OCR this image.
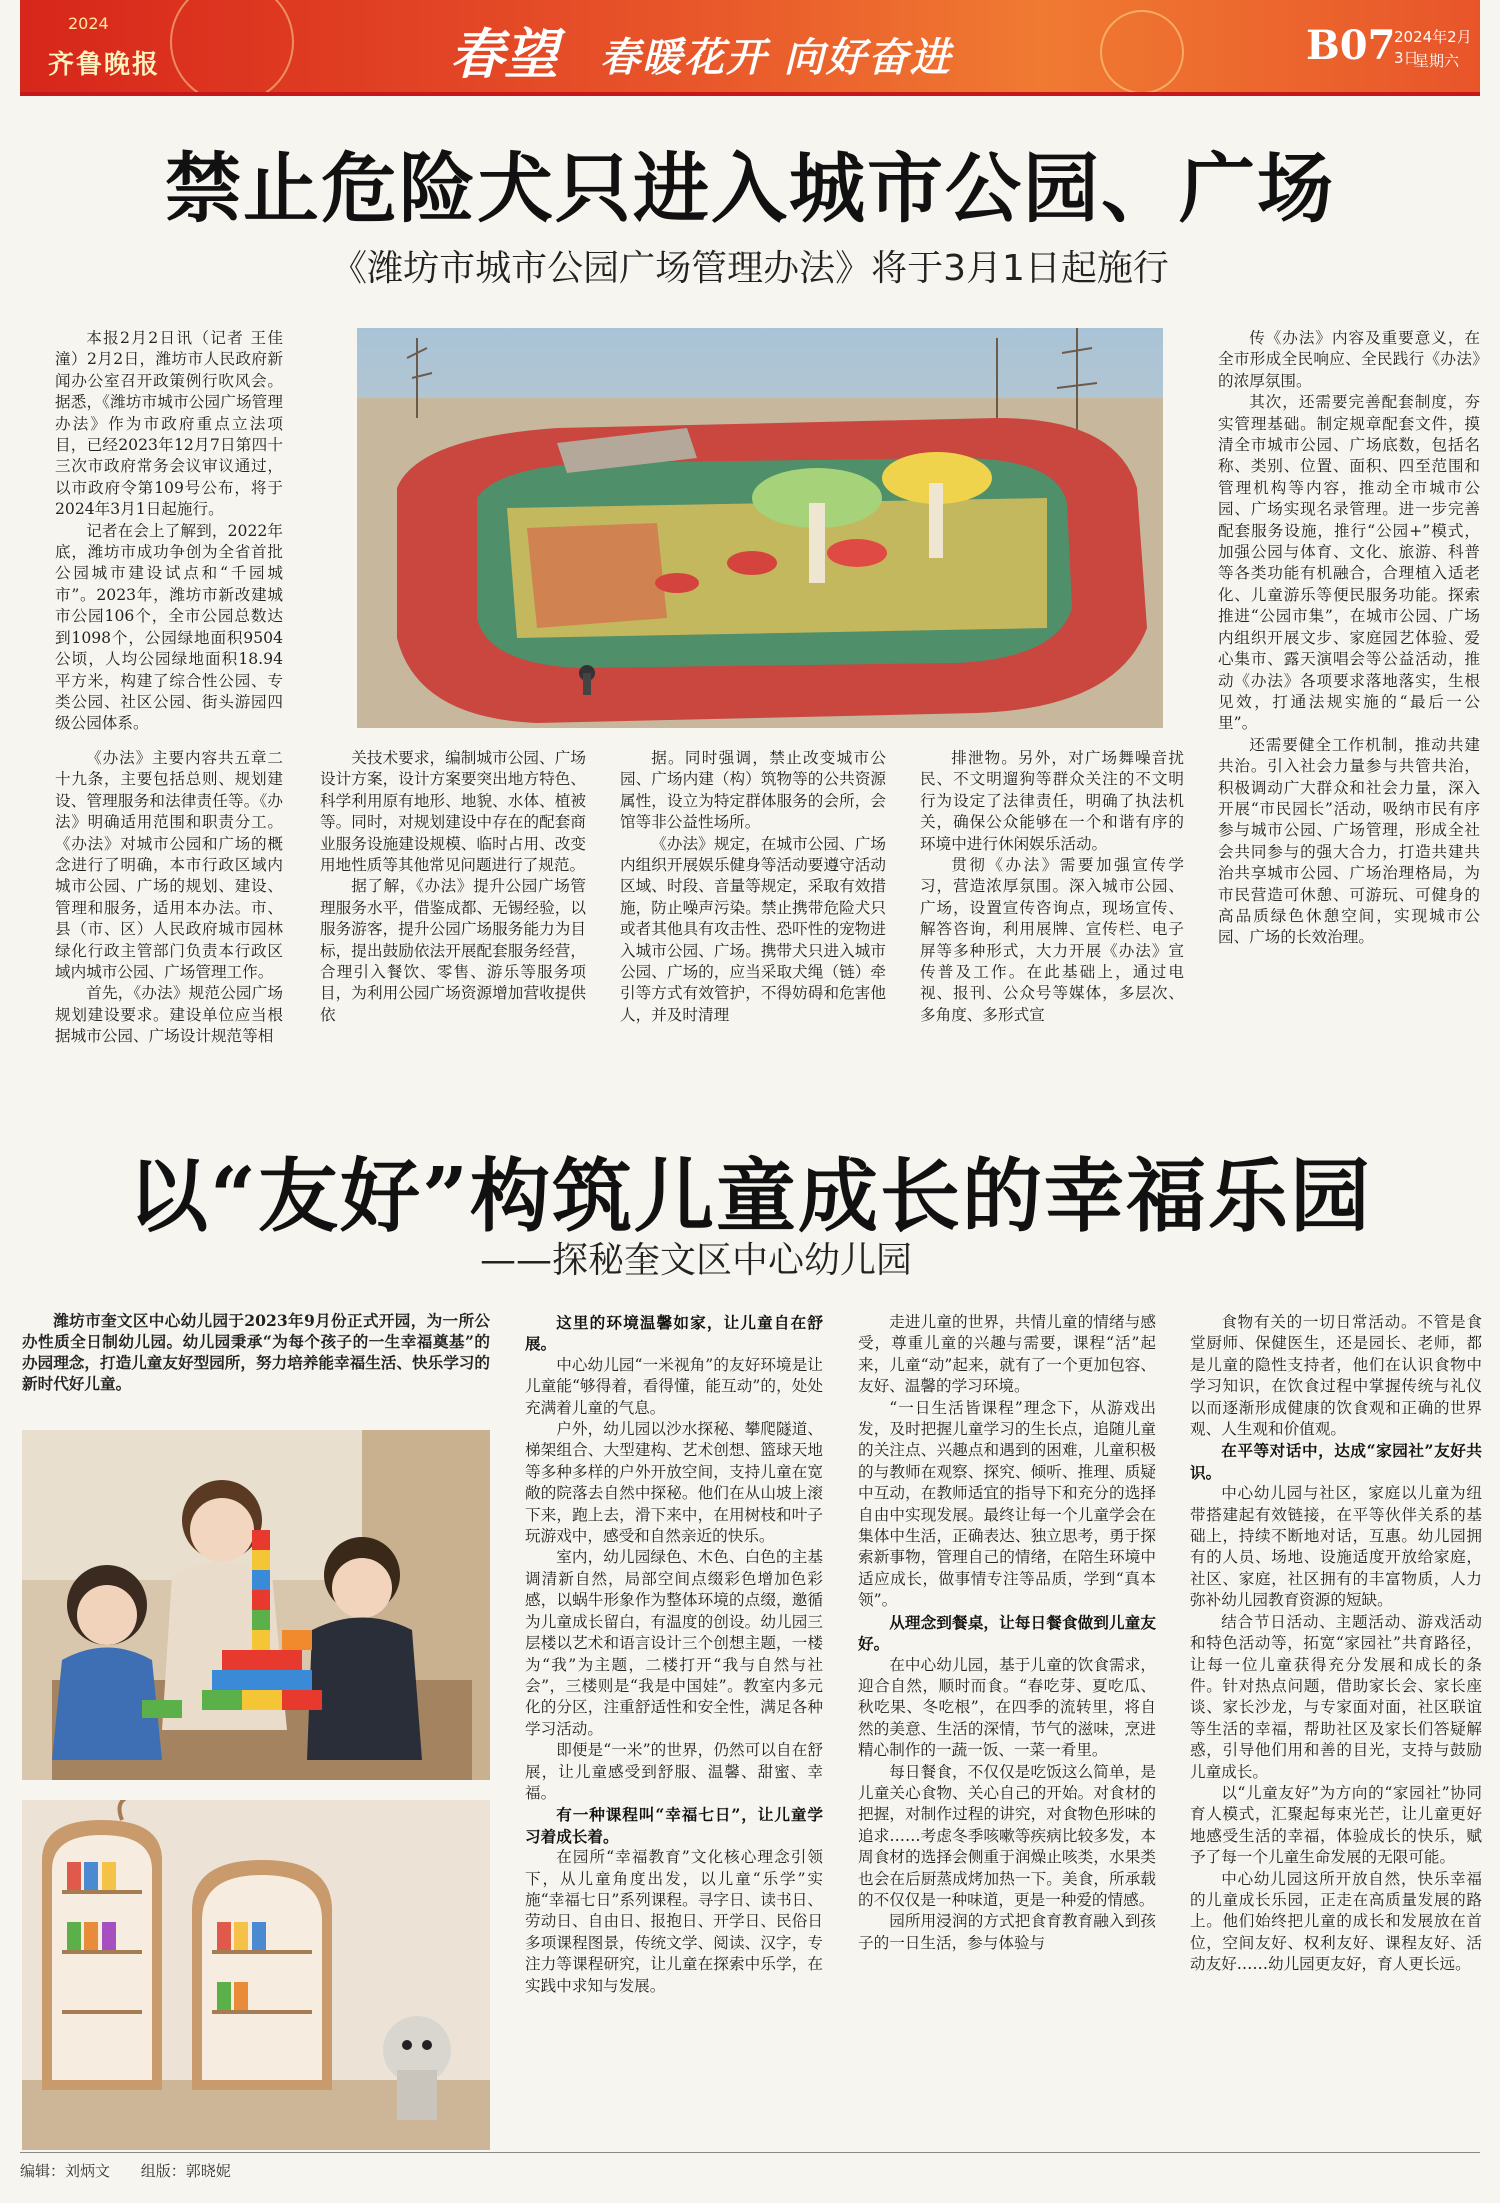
2024
齐鲁晚报	春望 春暖花开 向好奋进	B07
2024年2月3日
星期六
禁止危险犬只进入城市公园、广场
《潍坊市城市公园广场管理办法》将于3月1日起施行

本报2月2日讯（记者 王佳潼）2月2日，潍坊市人民政府新闻办公室召开政策例行吹风会。据悉，《潍坊市城市公园广场管理办法》作为市政府重点立法项目，已经2023年12月7日第四十三次市政府常务会议审议通过，以市政府令第109号公布，将于2024年3月1日起施行。

记者在会上了解到，2022年底，潍坊市成功争创为全省首批公园城市建设试点和“千园城市”。2023年，潍坊市新改建城市公园106个，全市公园总数达到1098个，公园绿地面积9504公顷，人均公园绿地面积18.94平方米，构建了综合性公园、专类公园、社区公园、街头游园四级公园体系。

传《办法》内容及重要意义，在全市形成全民响应、全民践行《办法》的浓厚氛围。

其次，还需要完善配套制度，夯实管理基础。制定规章配套文件，摸清全市城市公园、广场底数，包括名称、类别、位置、面积、四至范围和管理机构等内容，推动全市城市公园、广场实现名录管理。进一步完善配套服务设施，推行“公园+”模式，加强公园与体育、文化、旅游、科普等各类功能有机融合，合理植入适老化、儿童游乐等便民服务功能。探索推进“公园市集”，在城市公园、广场内组织开展文步、家庭园艺体验、爱心集市、露天演唱会等公益活动，推动《办法》各项要求落地落实，生根见效，打通法规实施的“最后一公里”。

还需要健全工作机制，推动共建共治。引入社会力量参与共管共治，积极调动广大群众和社会力量，深入开展“市民园长”活动，吸纳市民有序参与城市公园、广场管理，形成全社会共同参与的强大合力，打造共建共治共享城市公园、广场治理格局，为市民营造可休憩、可游玩、可健身的高品质绿色休憩空间，实现城市公园、广场的长效治理。

《办法》主要内容共五章二十九条，主要包括总则、规划建设、管理服务和法律责任等。《办法》明确适用范围和职责分工。《办法》对城市公园和广场的概念进行了明确，本市行政区域内城市公园、广场的规划、建设、管理和服务，适用本办法。市、县（市、区）人民政府城市园林绿化行政主管部门负责本行政区域内城市公园、广场管理工作。

首先，《办法》规范公园广场规划建设要求。建设单位应当根据城市公园、广场设计规范等相

关技术要求，编制城市公园、广场设计方案，设计方案要突出地方特色、科学利用原有地形、地貌、水体、植被等。同时，对规划建设中存在的配套商业服务设施建设规模、临时占用、改变用地性质等其他常见问题进行了规范。

据了解，《办法》提升公园广场管理服务水平，借鉴成都、无锡经验，以服务游客，提升公园广场服务能力为目标，提出鼓励依法开展配套服务经营，合理引入餐饮、零售、游乐等服务项目，为利用公园广场资源增加营收提供依

据。同时强调，禁止改变城市公园、广场内建（构）筑物等的公共资源属性，设立为特定群体服务的会所，会馆等非公益性场所。

《办法》规定，在城市公园、广场内组织开展娱乐健身等活动要遵守活动区域、时段、音量等规定，采取有效措施，防止噪声污染。禁止携带危险犬只或者其他具有攻击性、恐吓性的宠物进入城市公园、广场。携带犬只进入城市公园、广场的，应当采取犬绳（链）牵引等方式有效管护，不得妨碍和危害他人，并及时清理

排泄物。另外，对广场舞噪音扰民、不文明遛狗等群众关注的不文明行为设定了法律责任，明确了执法机关，确保公众能够在一个和谐有序的环境中进行休闲娱乐活动。

贯彻《办法》需要加强宣传学习，营造浓厚氛围。深入城市公园、广场，设置宣传咨询点，现场宣传、解答咨询，利用展牌、宣传栏、电子屏等多种形式，大力开展《办法》宣传普及工作。在此基础上，通过电视、报刊、公众号等媒体，多层次、多角度、多形式宣

以“友好”构筑儿童成长的幸福乐园
——探秘奎文区中心幼儿园
潍坊市奎文区中心幼儿园于2023年9月份正式开园，为一所公办性质全日制幼儿园。幼儿园秉承“为每个孩子的一生幸福奠基”的办园理念，打造儿童友好型园所，努力培养能幸福生活、快乐学习的新时代好儿童。

这里的环境温馨如家，让儿童自在舒展。

中心幼儿园“一米视角”的友好环境是让儿童能“够得着，看得懂，能互动”的，处处充满着儿童的气息。

户外，幼儿园以沙水探秘、攀爬隧道、梯架组合、大型建构、艺术创想、篮球天地等多种多样的户外开放空间，支持儿童在宽敞的院落去自然中探秘。他们在从山坡上滚下来，跑上去，滑下来中，在用树枝和叶子玩游戏中，感受和自然亲近的快乐。

室内，幼儿园绿色、木色、白色的主基调清新自然，局部空间点缀彩色增加色彩感，以蜗牛形象作为整体环境的点缀，邀循为儿童成长留白，有温度的创设。幼儿园三层楼以艺术和语言设计三个创想主题，一楼为“我”为主题，二楼打开“我与自然与社会”，三楼则是“我是中国娃”。教室内多元化的分区，注重舒适性和安全性，满足各种学习活动。

即便是“一米”的世界，仍然可以自在舒展，让儿童感受到舒服、温馨、甜蜜、幸福。

有一种课程叫“幸福七日”，让儿童学习着成长着。

在园所“幸福教育”文化核心理念引领下，从儿童角度出发，以儿童“乐学”实施“幸福七日”系列课程。寻字日、读书日、劳动日、自由日、报抱日、开学日、民俗日多项课程图景，传统文学、阅读、汉字，专注力等课程研究，让儿童在探索中乐学，在实践中求知与发展。

走进儿童的世界，共情儿童的情绪与感受，尊重儿童的兴趣与需要，课程“活”起来，儿童“动”起来，就有了一个更加包容、友好、温馨的学习环境。

“一日生活皆课程”理念下，从游戏出发，及时把握儿童学习的生长点，追随儿童的关注点、兴趣点和遇到的困难，儿童积极的与教师在观察、探究、倾听、推理、质疑中互动，在教师适宜的指导下和充分的选择自由中实现发展。最终让每一个儿童学会在集体中生活，正确表达、独立思考，勇于探索新事物，管理自己的情绪，在陪生环境中适应成长，做事情专注等品质，学到“真本领”。

从理念到餐桌，让每日餐食做到儿童友好。

在中心幼儿园，基于儿童的饮食需求，迎合自然，顺时而食。“春吃芽、夏吃瓜、秋吃果、冬吃根”，在四季的流转里，将自然的美意、生活的深情，节气的滋味，烹进精心制作的一蔬一饭、一菜一肴里。

每日餐食，不仅仅是吃饭这么简单，是儿童关心食物、关心自己的开始。对食材的把握，对制作过程的讲究，对食物色形味的追求……考虑冬季咳嗽等疾病比较多发，本周食材的选择会侧重于润燥止咳类，水果类也会在后厨蒸成烤加热一下。美食，所承载的不仅仅是一种味道，更是一种爱的情感。

园所用浸润的方式把食育教育融入到孩子的一日生活，参与体验与

食物有关的一切日常活动。不管是食堂厨师、保健医生，还是园长、老师，都是儿童的隐性支持者，他们在认识食物中学习知识，在饮食过程中掌握传统与礼仪以而逐渐形成健康的饮食观和正确的世界观、人生观和价值观。

在平等对话中，达成“家园社”友好共识。

中心幼儿园与社区，家庭以儿童为纽带搭建起有效链接，在平等伙伴关系的基础上，持续不断地对话，互惠。幼儿园拥有的人员、场地、设施适度开放给家庭，社区、家庭，社区拥有的丰富物质，人力弥补幼儿园教育资源的短缺。

结合节日活动、主题活动、游戏活动和特色活动等，拓宽“家园社”共育路径，让每一位儿童获得充分发展和成长的条件。针对热点问题，借助家长会、家长座谈、家长沙龙，与专家面对面，社区联谊等生活的幸福，帮助社区及家长们答疑解惑，引导他们用和善的目光，支持与鼓励儿童成长。

以“儿童友好”为方向的“家园社”协同育人模式，汇聚起每束光芒，让儿童更好地感受生活的幸福，体验成长的快乐，赋予了每一个儿童生命发展的无限可能。

中心幼儿园这所开放自然，快乐幸福的儿童成长乐园，正走在高质量发展的路上。他们始终把儿童的成长和发展放在首位，空间友好、权利友好、课程友好、活动友好……幼儿园更友好，育人更长远。

编辑：刘炳文 组版：郭晓妮
